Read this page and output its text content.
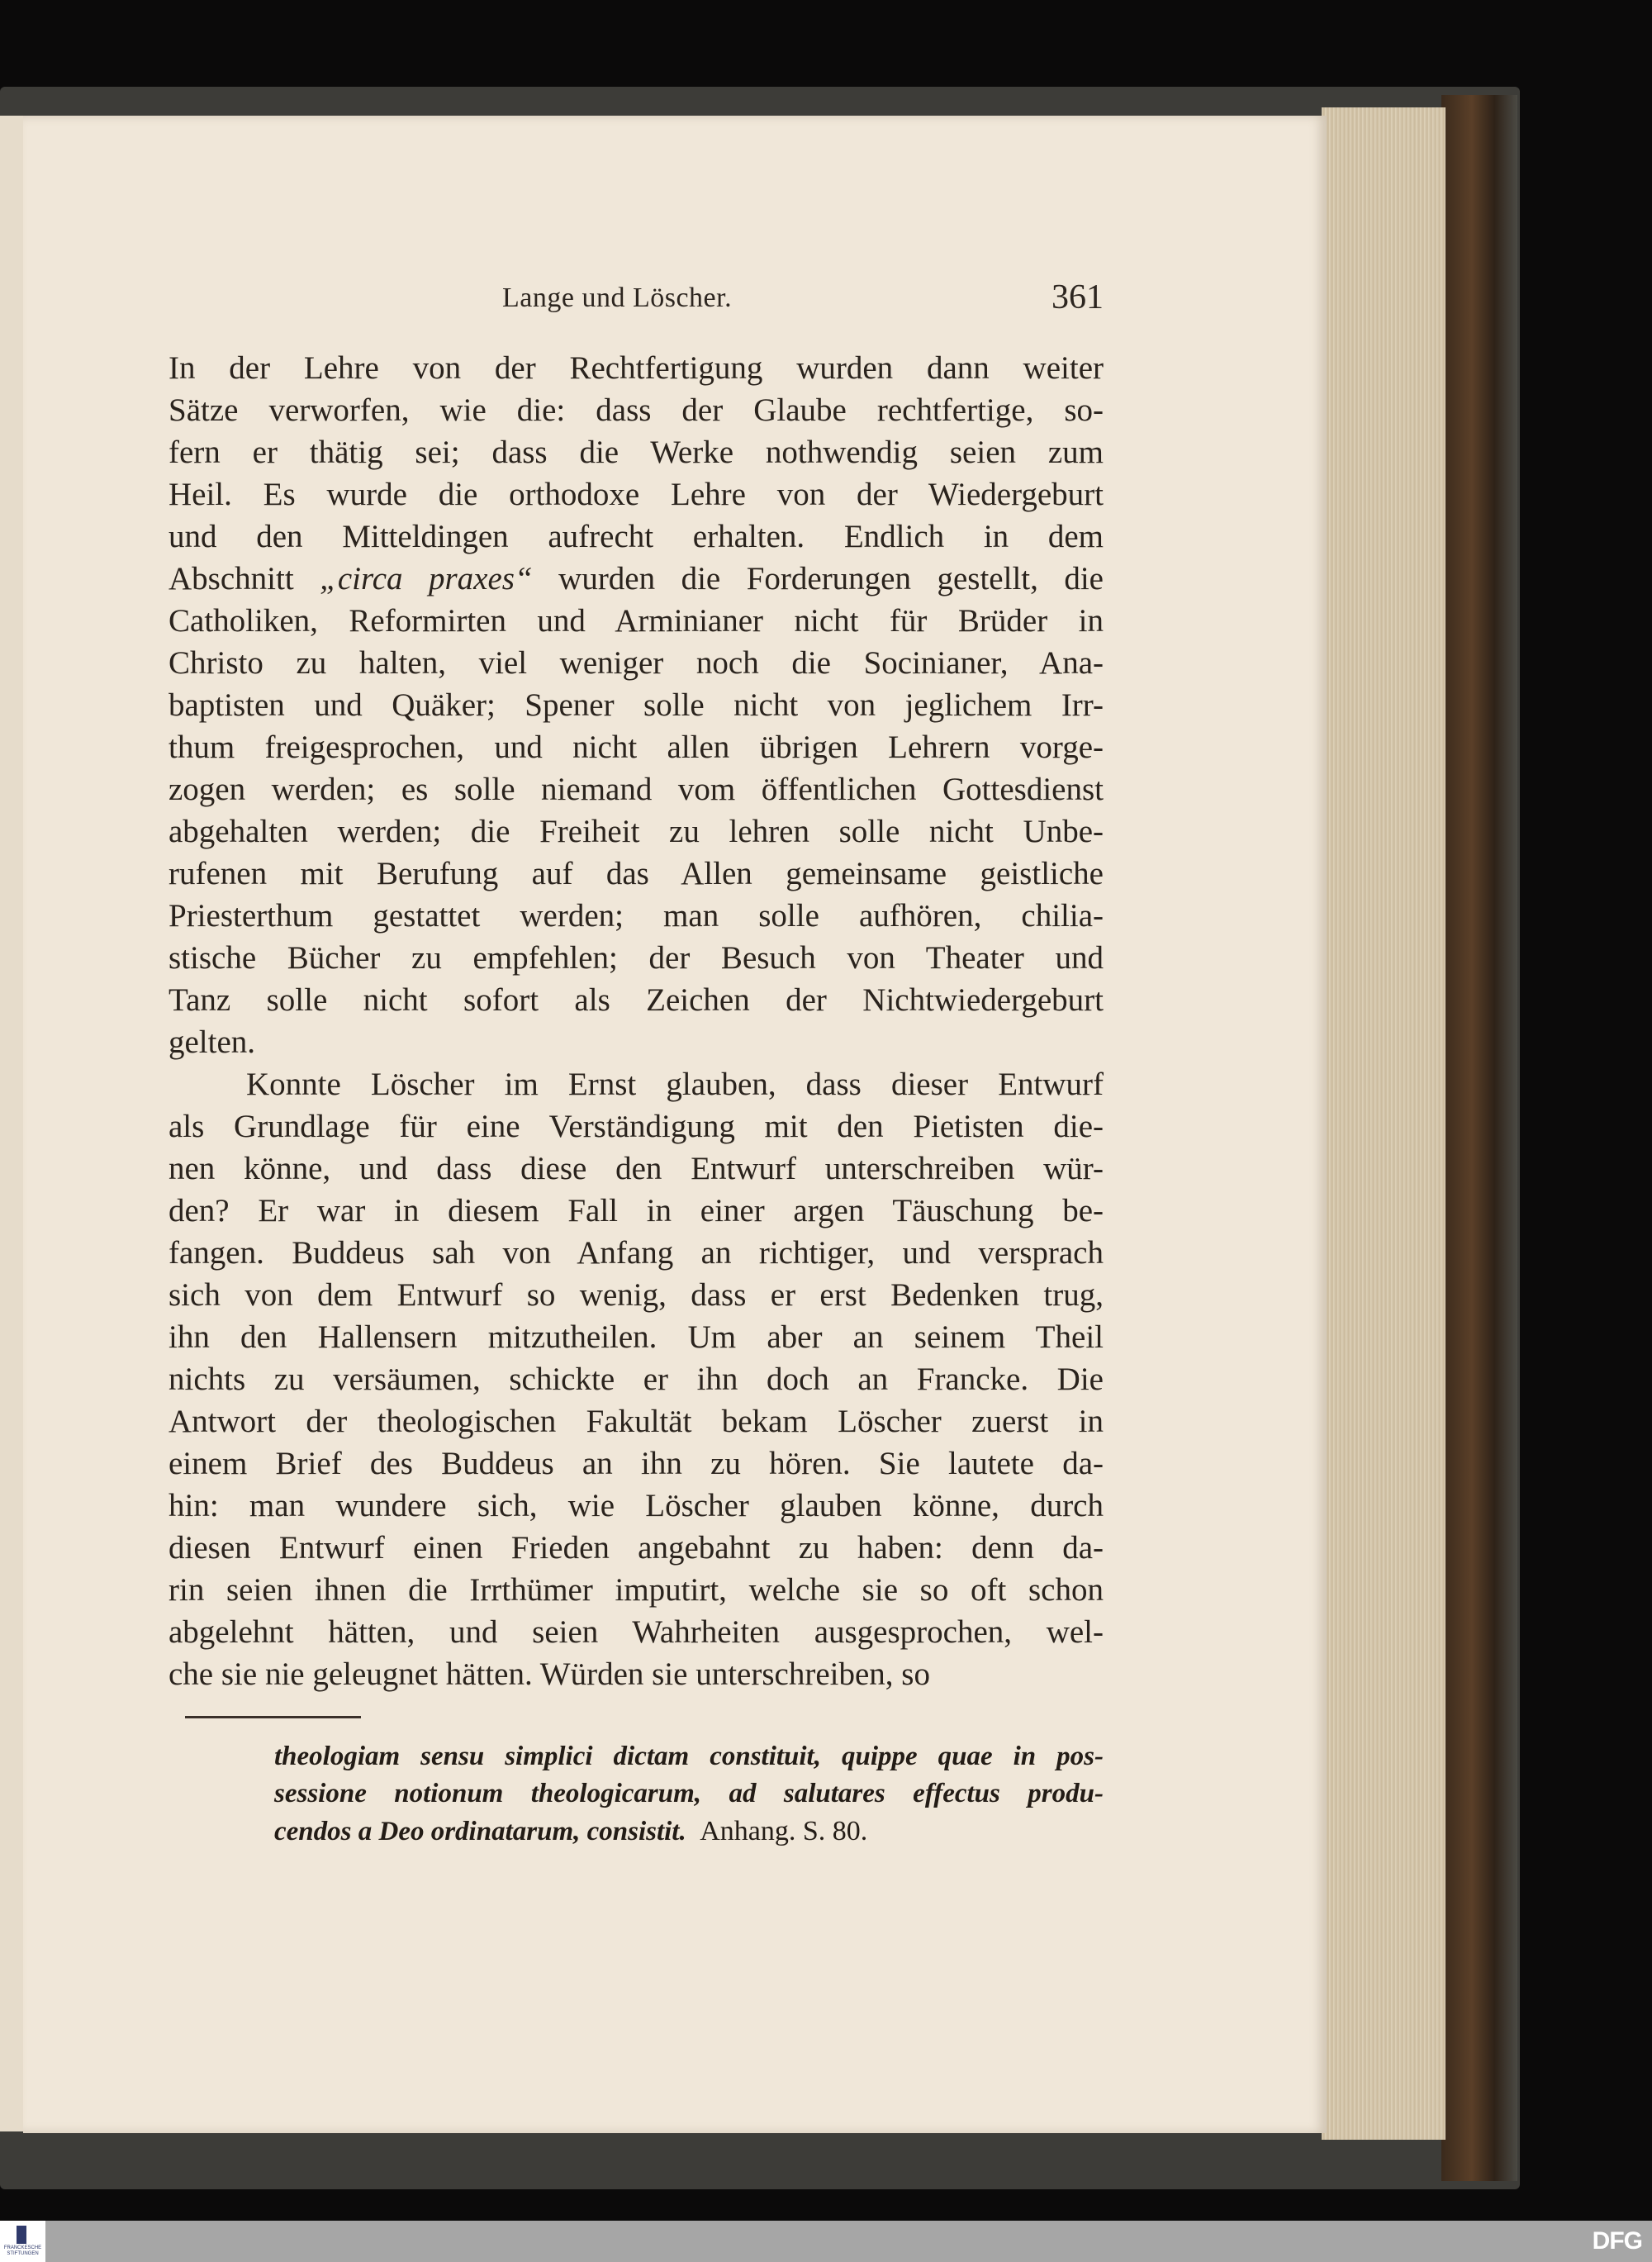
Lange und Löscher.	361
In der Lehre von der Rechtfertigung wurden dann weiter
Sätze verworfen, wie die: dass der Glaube rechtfertige, so-
fern er thätig sei; dass die Werke nothwendig seien zum
Heil. Es wurde die orthodoxe Lehre von der Wiedergeburt
und den Mitteldingen aufrecht erhalten. Endlich in dem
Abschnitt „circa praxes“ wurden die Forderungen gestellt, die
Catholiken, Reformirten und Arminianer nicht für Brüder in
Christo zu halten, viel weniger noch die Socinianer, Ana-
baptisten und Quäker; Spener solle nicht von jeglichem Irr-
thum freigesprochen, und nicht allen übrigen Lehrern vorge-
zogen werden; es solle niemand vom öffentlichen Gottesdienst
abgehalten werden; die Freiheit zu lehren solle nicht Unbe-
rufenen mit Berufung auf das Allen gemeinsame geistliche
Priesterthum gestattet werden; man solle aufhören, chilia-
stische Bücher zu empfehlen; der Besuch von Theater und
Tanz solle nicht sofort als Zeichen der Nichtwiedergeburt
gelten.
Konnte Löscher im Ernst glauben, dass dieser Entwurf
als Grundlage für eine Verständigung mit den Pietisten die-
nen könne, und dass diese den Entwurf unterschreiben wür-
den? Er war in diesem Fall in einer argen Täuschung be-
fangen. Buddeus sah von Anfang an richtiger, und versprach
sich von dem Entwurf so wenig, dass er erst Bedenken trug,
ihn den Hallensern mitzutheilen. Um aber an seinem Theil
nichts zu versäumen, schickte er ihn doch an Francke. Die
Antwort der theologischen Fakultät bekam Löscher zuerst in
einem Brief des Buddeus an ihn zu hören. Sie lautete da-
hin: man wundere sich, wie Löscher glauben könne, durch
diesen Entwurf einen Frieden angebahnt zu haben: denn da-
rin seien ihnen die Irrthümer imputirt, welche sie so oft schon
abgelehnt hätten, und seien Wahrheiten ausgesprochen, wel-
che sie nie geleugnet hätten. Würden sie unterschreiben, so
theologiam sensu simplici dictam constituit, quippe quae in pos-
sessione notionum theologicarum, ad salutares effectus produ-
cendos a Deo ordinatarum, consistit. Anhang. S. 80.
FRANCKESCHE STIFTUNGEN	DFG
